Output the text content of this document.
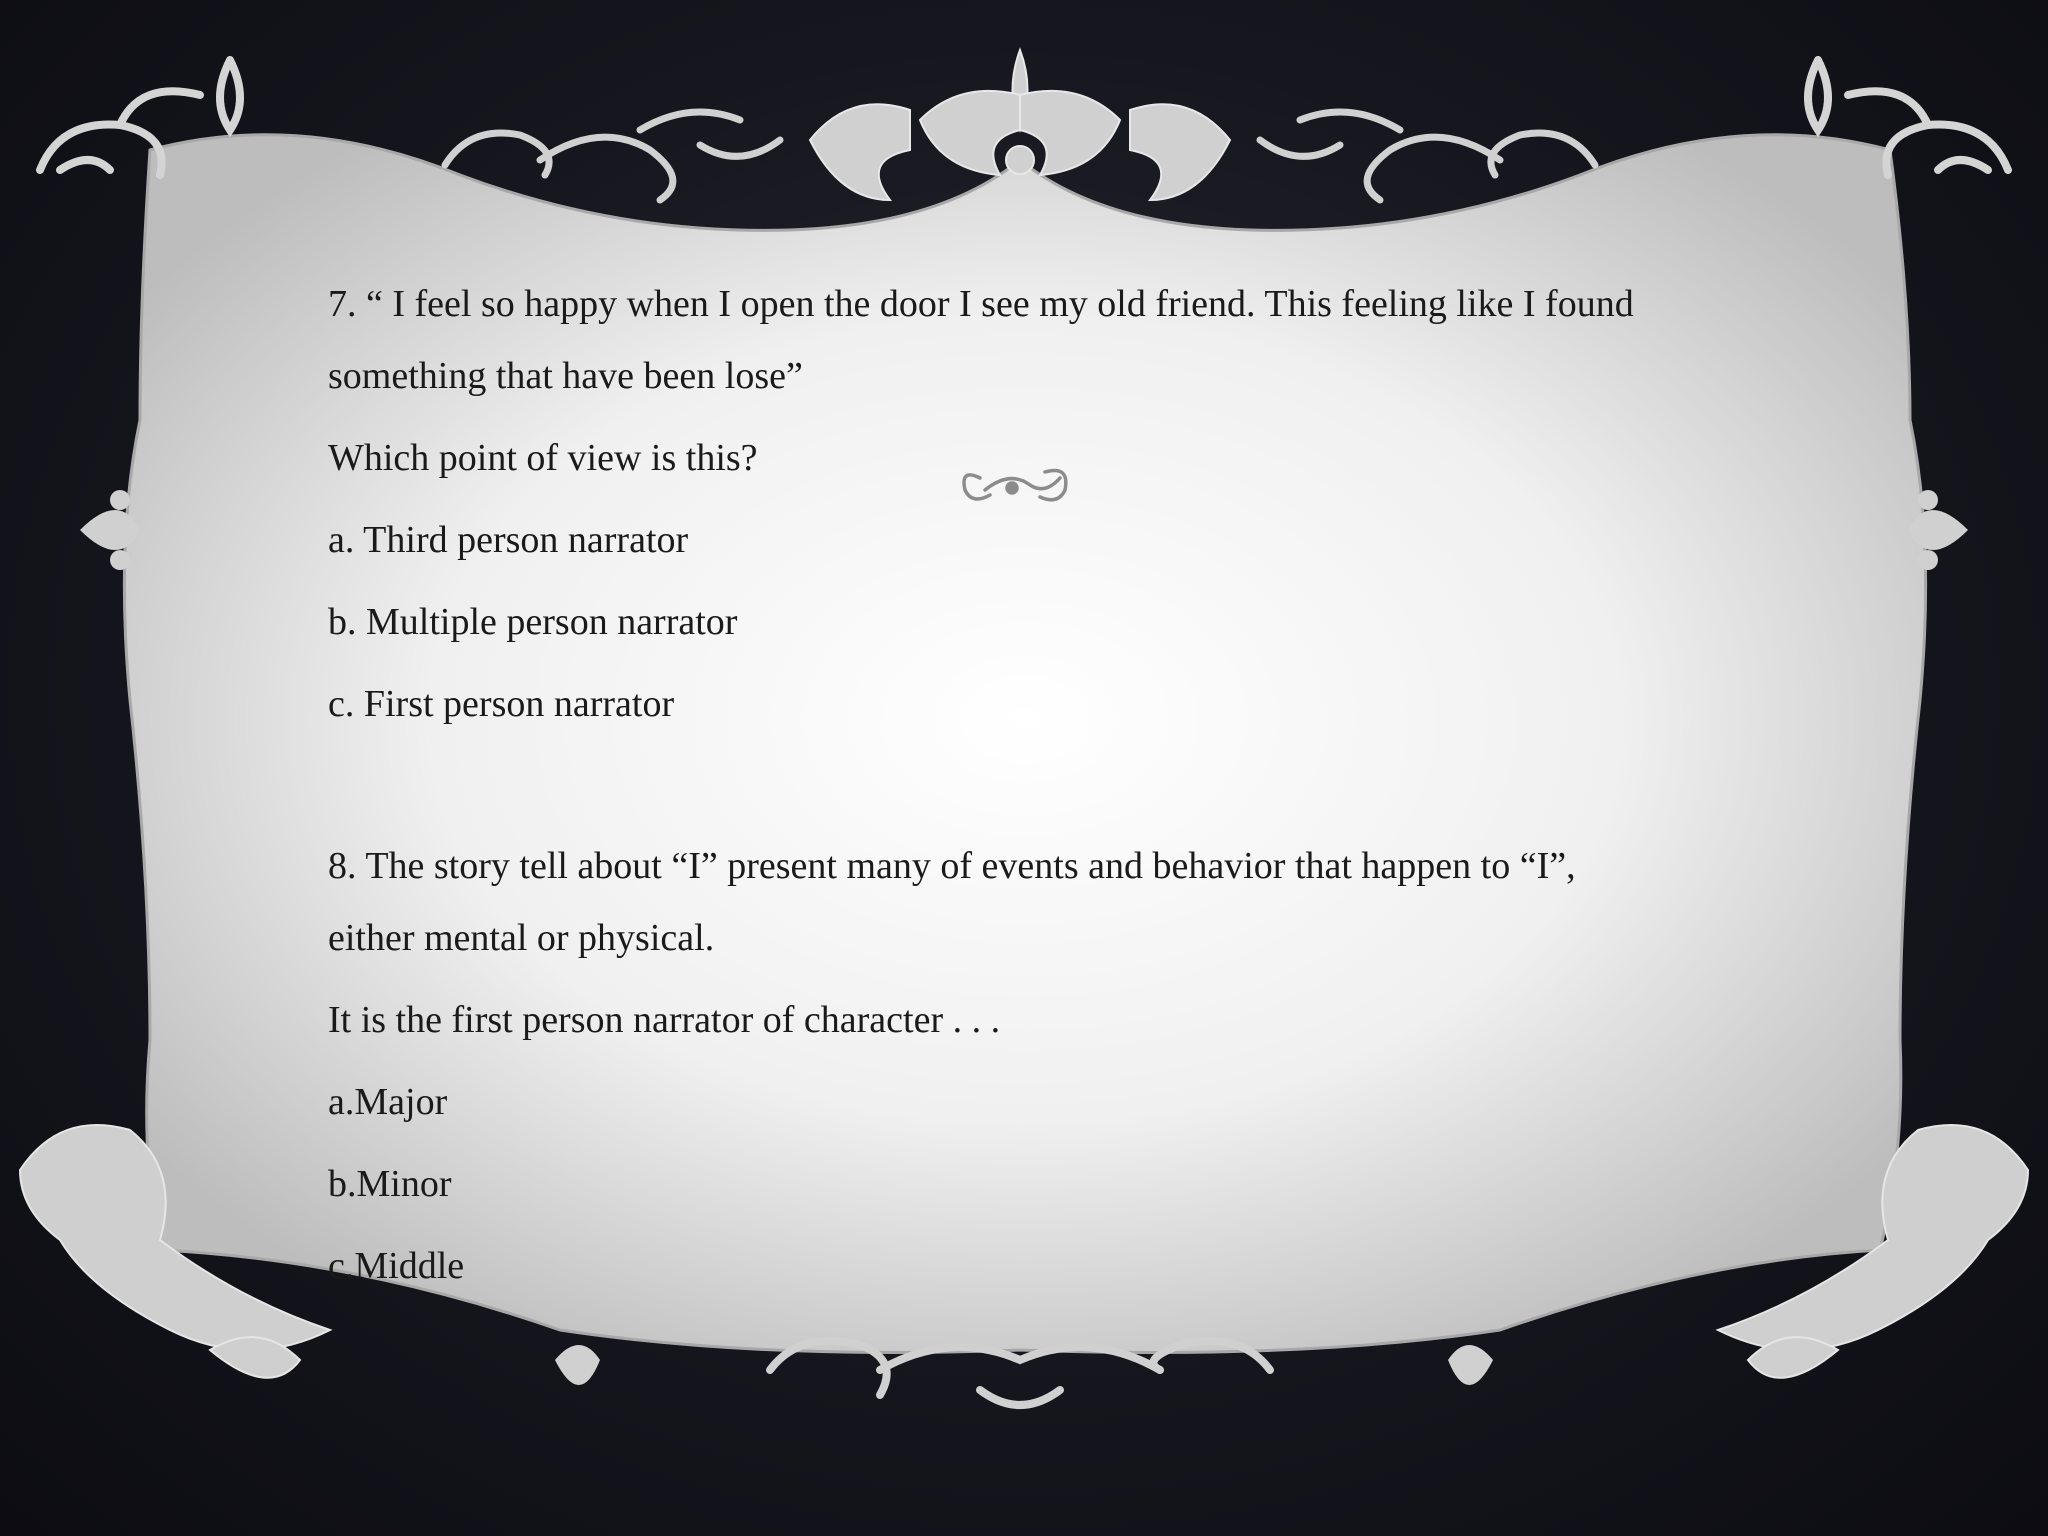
7. “ I feel so happy when I open the door I see my old friend. This feeling like I found
something that have been lose”
Which point of view is this?
a. Third person narrator
b. Multiple person narrator
c. First person narrator
8. The story tell about “I” present many of events and behavior that happen to “I”,
either mental or physical.
It is the first person narrator of character . . .
a.Major
b.Minor
c.Middle
